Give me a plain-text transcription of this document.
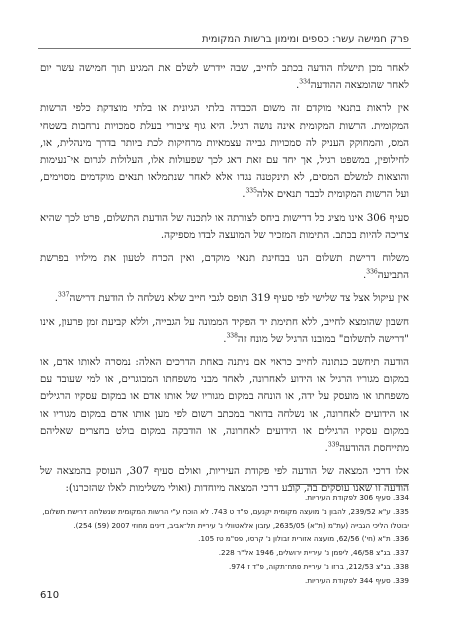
פרק חמישה עשר: כספים ומימון ברשות המקומית

לאחר מכן תישלח הודעה בכתב לחייב, שבה יידרש לשלם את המגיע תוך חמישה עשר יום לאחר שהומצאה ההודעה$^{334}$.

אין לראות בתנאי מוקדם זה משום הכבדה בלתי הגיונית או בלתי מוצדקת כלפי הרשות המקומית. הרשות המקומית אינה נושה רגיל. היא גוף ציבורי בעלת סמכויות נרחבות בשטחי המס, והמחוקק העניק לה סמכויות גבייה עצמאיות מרחיקות לכת ביותר בדרך מינהלית, או, לחילופין, במשפט רגיל, אך יחד עם זאת דאג לכך שפעולות אלו, העלולות לגרום אי־נעימות והוצאות למשלם המסים, לא תינקטנה נגדו אלא לאחר שנתמלאו תנאים מוקדמים מסוימים, ועל הרשות המקומית לכבד תנאים אלה$^{335}$.

סעיף 306 אינו מציג כל דרישות ביחס לצורתה או לתכנה של הודעת התשלום, פרט לכך שהיא צריכה להיות בכתב. התימות המזכיר של המועצה לבדו מספיקה.

משלוח דרישת תשלום הנו בבחינת תנאי מוקדם, ואין הכרח לטעון את מילויו בפרשת התביעה$^{336}$.

אין עיקול אצל צד שלישי לפי סעיף 319 תופס לגבי חייב שלא נשלחה לו הודעת דרישה$^{337}$.

חשבון שהומצא לחייב, ללא חתימת יד הפקיד הממונה על הגבייה, וללא קביעת זמן פרעון, אינו "דרישה לתשלום" במובנו הרגיל של מונח זה$^{338}$.

הודעה תיחשב כנתונה לחייב כראוי אם ניתנה באחת הדרכים האלה: נמסרה לאותו אדם, או במקום מגוריו הרגיל או הידוע לאחרונה, לאחד מבני משפחתו המבוגרים, או למי שעובד עם משפחתו או מועסק על ידה, או הונחה במקום מגוריו של אותו אדם או במקום עסקיו הרגילים או הידועים לאחרונה, או נשלחה בדואר במכתב רשום לפי מען אותו אדם במקום מגוריו או במקום עסקיו הרגילים או הידועים לאחרונה, או הודבקה במקום בולט בחצרים שאליהם מתייחסת ההודעה$^{339}$.

אלו דרכי המצאה של הודעה לפי פקודת העיריות, ואולם סעיף 307, העוסק בהמצאה של הודעה זו שאנו עוסקים בה, קובע דרכי המצאה מיוחדות (ואולי משלימות לאלו שהזכרנו):

334. סעיף 306 לפקודת העיריות.

335. ע"א 239/52, להבון נ' מועצה מקומית יקנעם, פ"ד ט 743. לא הוכח ע"י הרשות המקומית שנשלחה דרישת תשלום, יבוטלו הליכי הגבייה (עת"מ (ת"א) 2635/05, עזבון אלאטוולי נ' עיריית תל־אביב, דינים מחוזי 2007 (59) 254).

336. ת"א (חי') 62/56, מועצה אזורית זבולון נ' קרסו, פס"מ טז 105.

337. בג"צ 46/58, ליפמן נ' עיריית ירושלים, 1946 אל"ר 228.

338. בג"צ 212/53, ברזו נ' עיריית פתח־תקוה, פ"ד ז 974.

339. סעיף 344 לפקודת העיריות.

610
